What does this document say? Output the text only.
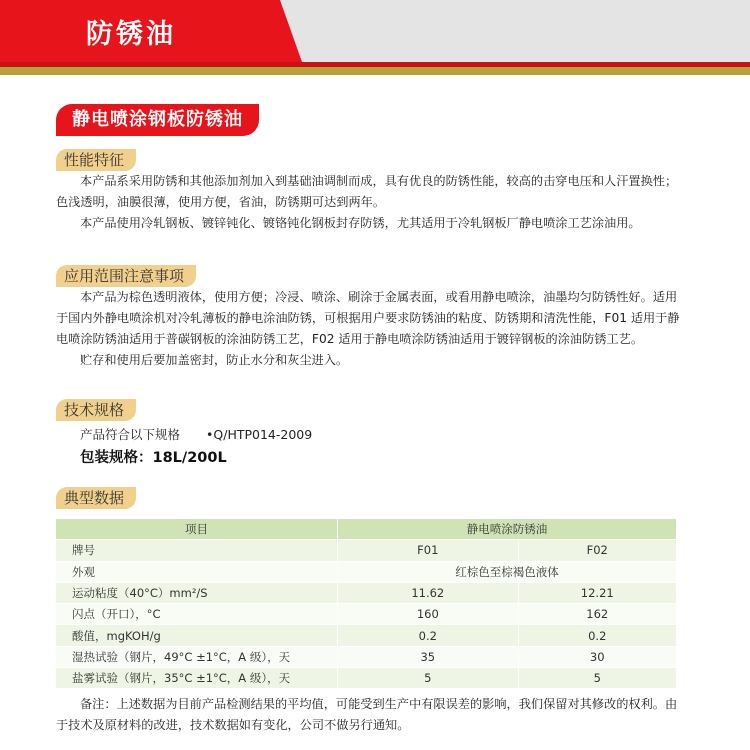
防锈油
静电喷涂钢板防锈油
性能特征

本产品系采用防锈和其他添加剂加入到基础油调制而成，具有优良的防锈性能，较高的击穿电压和人汗置换性；色浅透明，油膜很薄，使用方便，省油，防锈期可达到两年。

本产品使用冷轧钢板、镀锌钝化、镀铬钝化钢板封存防锈，尤其适用于冷轧钢板厂静电喷涂工艺涂油用。

应用范围注意事项

本产品为棕色透明液体，使用方便；冷浸、喷涂、刷涂于金属表面，或看用静电喷涂，油墨均匀防锈性好。适用于国内外静电喷涂机对冷轧薄板的静电涂油防锈，可根据用户要求防锈油的粘度、防锈期和清洗性能，F01 适用于静电喷涂防锈油适用于普碳钢板的涂油防锈工艺，F02 适用于静电喷涂防锈油适用于镀锌钢板的涂油防锈工艺。

贮存和使用后要加盖密封，防止水分和灰尘进入。

技术规格
产品符合以下规格 •Q/HTP014-2009
包装规格：18L/200L
典型数据
项目	静电喷涂防锈油	
牌号	F01	F02
外观	红棕色至棕褐色液体	
运动粘度（40°C）mm²/S	11.62	12.21
闪点（开口），°C	160	162
酸值，mgKOH/g	0.2	0.2
湿热试验（钢片，49°C ±1°C，A 级），天	35	30
盐雾试验（钢片，35°C ±1°C，A 级），天	5	5

备注：上述数据为目前产品检测结果的平均值，可能受到生产中有限误差的影响，我们保留对其修改的权利。由于技术及原材料的改进，技术数据如有变化，公司不做另行通知。
